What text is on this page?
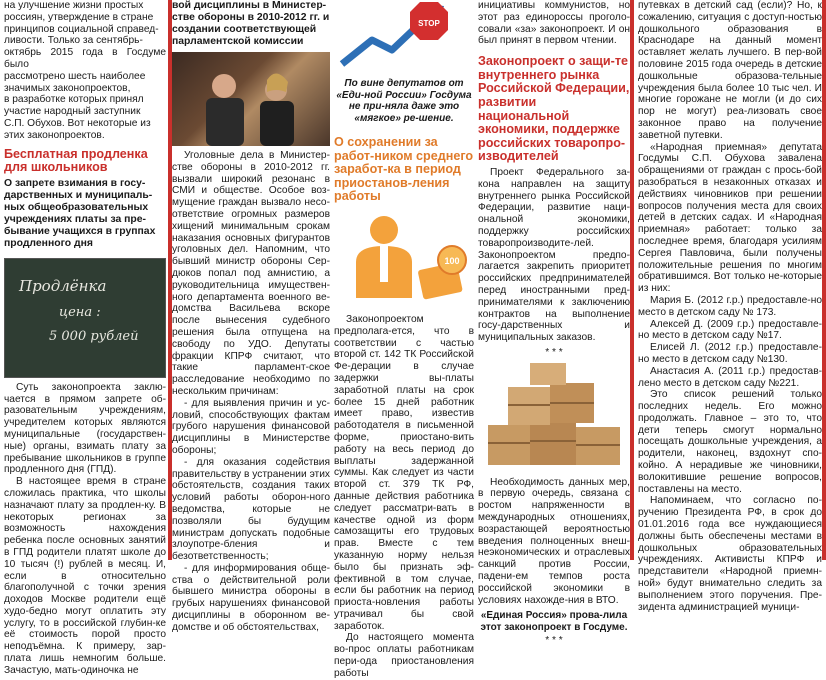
на улучшение жизни простых
россиян, утверждение в стране
принципов социальной справед-
ливости. Только за сентябрь-
октябрь 2015 года в Госдуме было
рассмотрено шесть наиболее
значимых законопроектов,
в разработке которых принял
участие народный заступник
С.П. Обухов. Вот некоторые из
этих законопроектов.
Бесплатная продленка для школьников
О запрете взимания в госу-дарственных и муниципаль-ных общеобразовательных учреждениях платы за пре-бывание учащихся в группах продленного дня
Продлёнка
цена :
5 000 рублей

Суть законопроекта заклю-чается в прямом запрете об-разовательным учреждениям, учредителем которых являются муниципальные (государствен-ные) органы, взимать плату за пребывание школьников в группе продленного дня (ГПД).

В настоящее время в стране сложилась практика, что школы назначают плату за продлен-ку. В некоторых регионах за возможность нахождения ребенка после основных занятий в ГПД родители платят школе до 10 тысяч (!) рублей в месяц. И, если в относительно благополучной с точки зрения доходов Москве родители ещё худо-бедно могут оплатить эту услугу, то в российской глубин-ке её стоимость порой просто неподъёмна. К примеру, зар-плата лишь немногим больше. Зачастую, мать-одиночка не

вой дисциплины в Министер-стве обороны в 2010-2012 гг. и создании соответствующей парламентской комиссии

Уголовные дела в Министер-стве обороны в 2010-2012 гг. вызвали широкий резонанс в СМИ и обществе. Особое воз-мущение граждан вызвало несо-ответствие огромных размеров хищений минимальным срокам наказания основных фигурантов уголовных дел. Напомним, что бывший министр обороны Сер-дюков попал под амнистию, а руководительница имуществен-ного департамента военного ве-домства Васильева вскоре после вынесения судебного решения была отпущена на свободу по УДО. Депутаты фракции КПРФ считают, что такие парламент-ское расследование необходимо по нескольким причинам:

- для выявления причин и ус-ловий, способствующих фактам грубого нарушения финансовой дисциплины в Министерстве обороны;

- для оказания содействия правительству в устранении этих обстоятельств, создания таких условий работы оборон-ного ведомства, которые не позволяли бы будущим министрам допускать подобные злоупотре-бления и безответственность;

- для информирования обще-ства о действительной роли бывшего министра обороны в грубых нарушениях финансовой дисциплины в оборонном ве-домстве и об обстоятельствах,

STOP
По вине депутатов от «Еди-ной России» Госдума не при-няла даже это «мягкое» ре-шение.
О сохранении за работ-ником среднего заработ-ка в период приостанов-ления работы
100

Законопроектом предполага-ется, что в соответствии с частью второй ст. 142 ТК Российской Фе-дерации в случае задержки вы-платы заработной платы на срок более 15 дней работник имеет право, известив работодателя в письменной форме, приостано-вить работу на весь период до выплаты задержанной суммы. Как следует из части второй ст. 379 ТК РФ, данные действия работника следует рассматри-вать в качестве одной из форм самозащиты его трудовых прав. Вместе с тем указанную норму нельзя было бы признать эф-фективной в том случае, если бы работник на период приоста-новления работы утрачивал бы свой заработок.

До настоящего момента во-прос оплаты работникам пери-ода приостановления работы

инициативы коммунистов, но этот раз единороссы проголо-совали «за» законопроект. И он был принят в первом чтении.

Законопроект о защи-те внутреннего рынка Российской Федерации, развитии национальной экономики, поддержке российских товаропро-изводителей

Проект Федерального за-кона направлен на защиту внутреннего рынка Российской Федерации, развитие наци-ональной экономики, поддержку российских товаропроизводите-лей. Законопроектом предпо-лагается закрепить приоритет российских предпринимателей перед иностранными пред-принимателями к заключению контрактов на выполнение госу-дарственных и муниципальных заказов.

* * *

Необходимость данных мер, в первую очередь, связана с ростом напряженности в международных отношениях, возрастающей вероятностью введения полноценных внеш-неэкономических и отраслевых санкций против России, падени-ем темпов роста российской экономики в условиях нахожде-ния в ВТО.

«Единая Россия» прова-лила этот законопроект в Госдуме.
* * *

путевках в детский сад (если)? Но, к сожалению, ситуация с доступ-ностью дошкольного образования в Краснодаре на данный момент оставляет желать лучшего. В пер-вой половине 2015 года очередь в детские дошкольные образова-тельные учреждения была более 10 тыс чел. И многие горожане не могли (и до сих пор не могут) реа-лизовать свое законное право на получение заветной путевки.

«Народная приемная» депутата Госдумы С.П. Обухова завалена обращениями от граждан с прось-бой разобраться в незаконных отказах и действиях чиновников при решении вопросов получения места для своих детей в детских садах. И «Народная приемная» работает: только за последнее время, благодаря усилиям Сергея Павловича, были получены положительные решения по многим обратившимся. Вот только не-которые из них:

Мария Б. (2012 г.р.) предоставле-но место в детском саду № 173.

Алексей Д. (2009 г.р.) предоставле-но место в детском саду №17.

Елисей Л. (2012 г.р.) предоставле-но место в детском саду №130.

Анастасия А. (2011 г.р.) предостав-лено место в детском саду №221.

Это список решений только последних недель. Его можно продолжать. Главное – это то, что дети теперь смогут нормально посещать дошкольные учреждения, а родители, наконец, вздохнут спо-койно. А нерадивые же чиновники, волокитившие решение вопросов, поставлены на место.

Напоминаем, что согласно по-ручению Президента РФ, в срок до 01.01.2016 года все нуждающиеся должны быть обеспечены местами в дошкольных образовательных учреждениях. Активисты КПРФ и представители «Народной приемн-ной» будут внимательно следить за выполнением этого поручения. Пре-зидента администрацией муници-
